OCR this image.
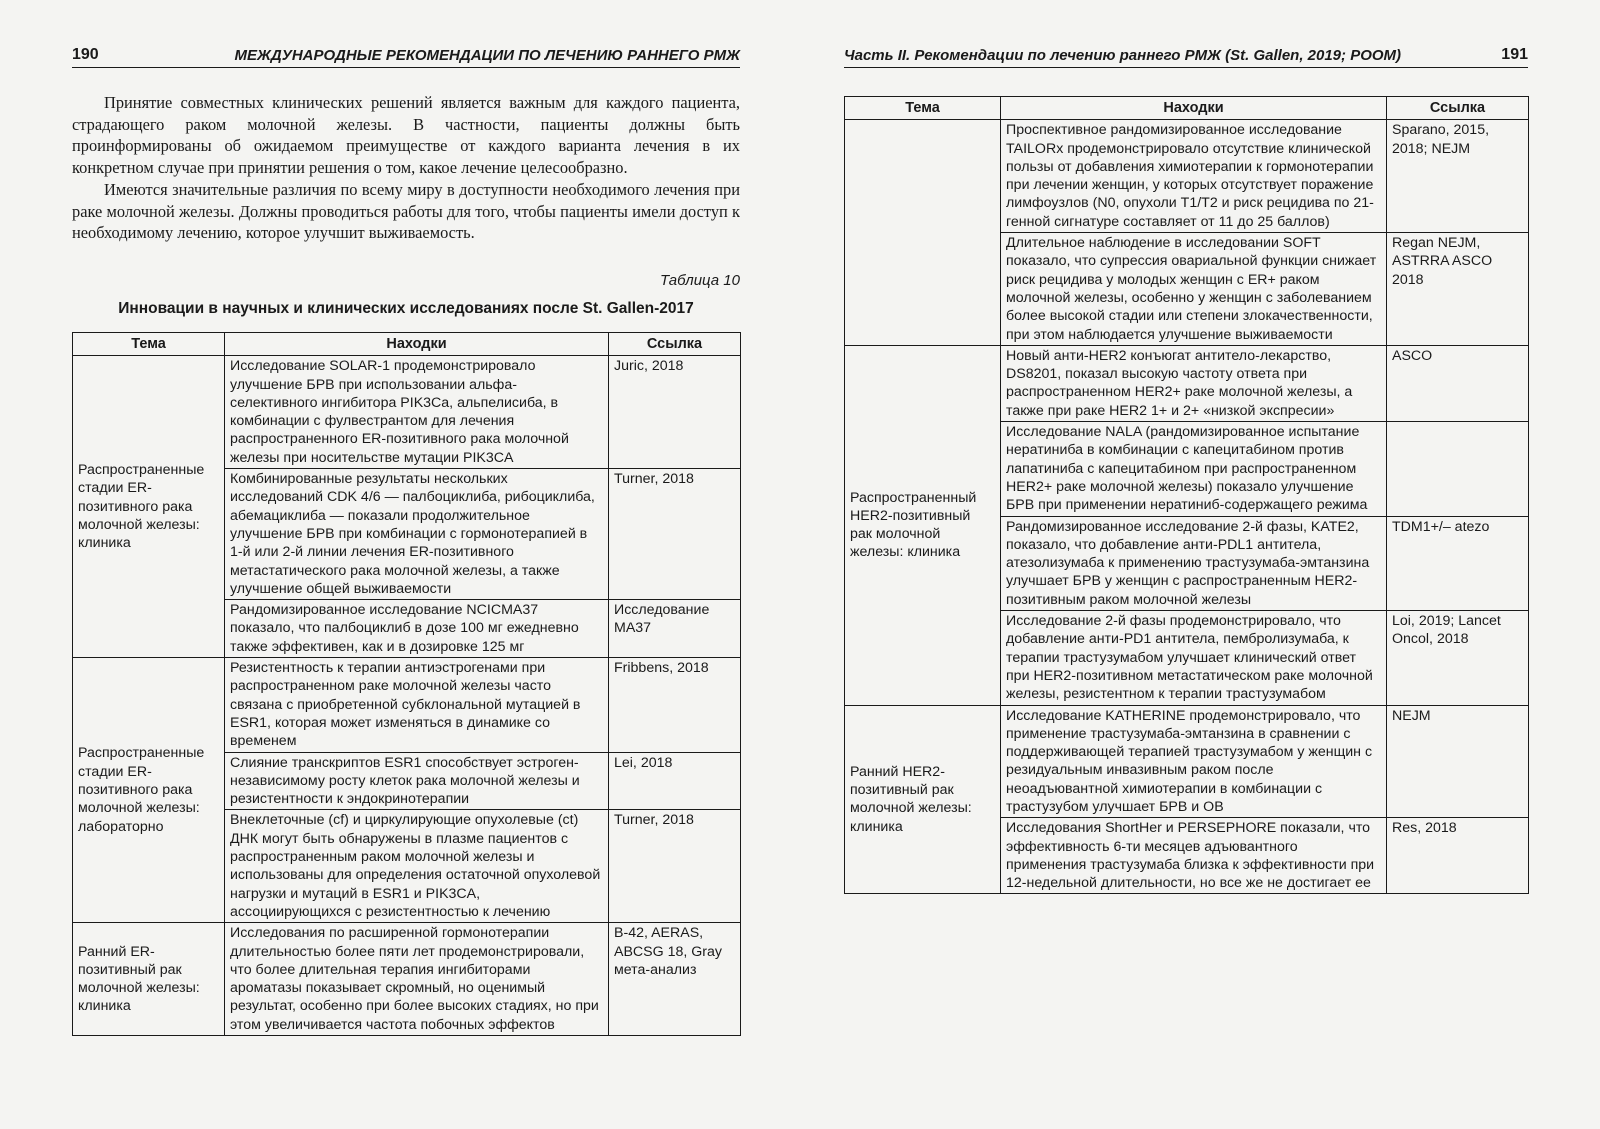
190	МЕЖДУНАРОДНЫЕ РЕКОМЕНДАЦИИ ПО ЛЕЧЕНИЮ РАННЕГО РМЖ

Принятие совместных клинических решений является важным для каждого пациента, страдающего раком молочной железы. В частности, пациенты должны быть проинформированы об ожидаемом преимуществе от каждого варианта лечения в их конкретном случае при принятии решения о том, какое лечение целесообразно.

Имеются значительные различия по всему миру в доступности необходимого лечения при раке молочной железы. Должны проводиться работы для того, чтобы пациенты имели доступ к необходимому лечению, которое улучшит выживаемость.

Таблица 10
Инновации в научных и клинических исследованиях после St. Gallen-2017
Тема	Находки	Ссылка
Распространенные стадии ER-позитивного рака молочной железы: клиника	Исследование SOLAR-1 продемонстрировало улучшение БРВ при использовании альфа-селективного ингибитора PIK3Ca, альпелисиба, в комбинации с фулвестрантом для лечения распространенного ER-позитивного рака молочной железы при носительстве мутации PIK3CA	Juric, 2018
	Комбинированные результаты нескольких исследований CDK 4/6 — палбоциклиба, рибоциклиба, абемациклиба — показали продолжительное улучшение БРВ при комбинации с гормонотерапией в 1-й или 2-й линии лечения ER-позитивного метастатического рака молочной железы, а также улучшение общей выживаемости	Turner, 2018
	Рандомизированное исследование NCICMA37 показало, что палбоциклиб в дозе 100 мг ежедневно также эффективен, как и в дозировке 125 мг	Исследование MA37
Распространенные стадии ER-позитивного рака молочной железы: лабораторно	Резистентность к терапии антиэстрогенами при распространенном раке молочной железы часто связана с приобретенной субклональной мутацией в ESR1, которая может изменяться в динамике со временем	Fribbens, 2018
	Слияние транскриптов ESR1 способствует эстроген-независимому росту клеток рака молочной железы и резистентности к эндокринотерапии	Lei, 2018
	Внеклеточные (cf) и циркулирующие опухолевые (ct) ДНК могут быть обнаружены в плазме пациентов с распространенным раком молочной железы и использованы для определения остаточной опухолевой нагрузки и мутаций в ESR1 и PIK3CA, ассоциирующихся с резистентностью к лечению	Turner, 2018
Ранний ER-позитивный рак молочной железы: клиника	Исследования по расширенной гормонотерапии длительностью более пяти лет продемонстрировали, что более длительная терапия ингибиторами ароматазы показывает скромный, но оценимый результат, особенно при более высоких стадиях, но при этом увеличивается частота побочных эффектов	B-42, AERAS, ABCSG 18, Gray мета-анализ
Часть II. Рекомендации по лечению раннего РМЖ (St. Gallen, 2019; РООМ)	191
Тема	Находки	Ссылка
	Проспективное рандомизированное исследование TAILORx продемонстрировало отсутствие клинической пользы от добавления химиотерапии к гормонотерапии при лечении женщин, у которых отсутствует поражение лимфоузлов (N0, опухоли T1/T2 и риск рецидива по 21-генной сигнатуре составляет от 11 до 25 баллов)	Sparano, 2015, 2018; NEJM
	Длительное наблюдение в исследовании SOFT показало, что супрессия овариальной функции снижает риск рецидива у молодых женщин с ER+ раком молочной железы, особенно у женщин с заболеванием более высокой стадии или степени злокачественности, при этом наблюдается улучшение выживаемости	Regan NEJM, ASTRRA ASCO 2018
Распространенный HER2-позитивный рак молочной железы: клиника	Новый анти-HER2 конъюгат антитело-лекарство, DS8201, показал высокую частоту ответа при распространенном HER2+ раке молочной железы, а также при раке HER2 1+ и 2+ «низкой экспресии»	ASCO
	Исследование NALA (рандомизированное испытание нератиниба в комбинации с капецитабином против лапатиниба с капецитабином при распространенном HER2+ раке молочной железы) показало улучшение БРВ при применении нератиниб-содержащего режима	
	Рандомизированное исследование 2-й фазы, KATE2, показало, что добавление анти-PDL1 антитела, атезолизумаба к применению трастузумаба-эмтанзина улучшает БРВ у женщин с распространенным HER2-позитивным раком молочной железы	TDM1+/– atezo
	Исследование 2-й фазы продемонстрировало, что добавление анти-PD1 антитела, пембролизумаба, к терапии трастузумабом улучшает клинический ответ при HER2-позитивном метастатическом раке молочной железы, резистентном к терапии трастузумабом	Loi, 2019; Lancet Oncol, 2018
Ранний HER2-позитивный рак молочной железы: клиника	Исследование KATHERINE продемонстрировало, что применение трастузумаба-эмтанзина в сравнении с поддерживающей терапией трастузумабом у женщин с резидуальным инвазивным раком после неоадъювантной химиотерапии в комбинации с трастузубом улучшает БРВ и ОВ	NEJM
	Исследования ShortHer и PERSEPHORE показали, что эффективность 6-ти месяцев адъювантного применения трастузумаба близка к эффективности при 12-недельной длительности, но все же не достигает ее	Res, 2018
